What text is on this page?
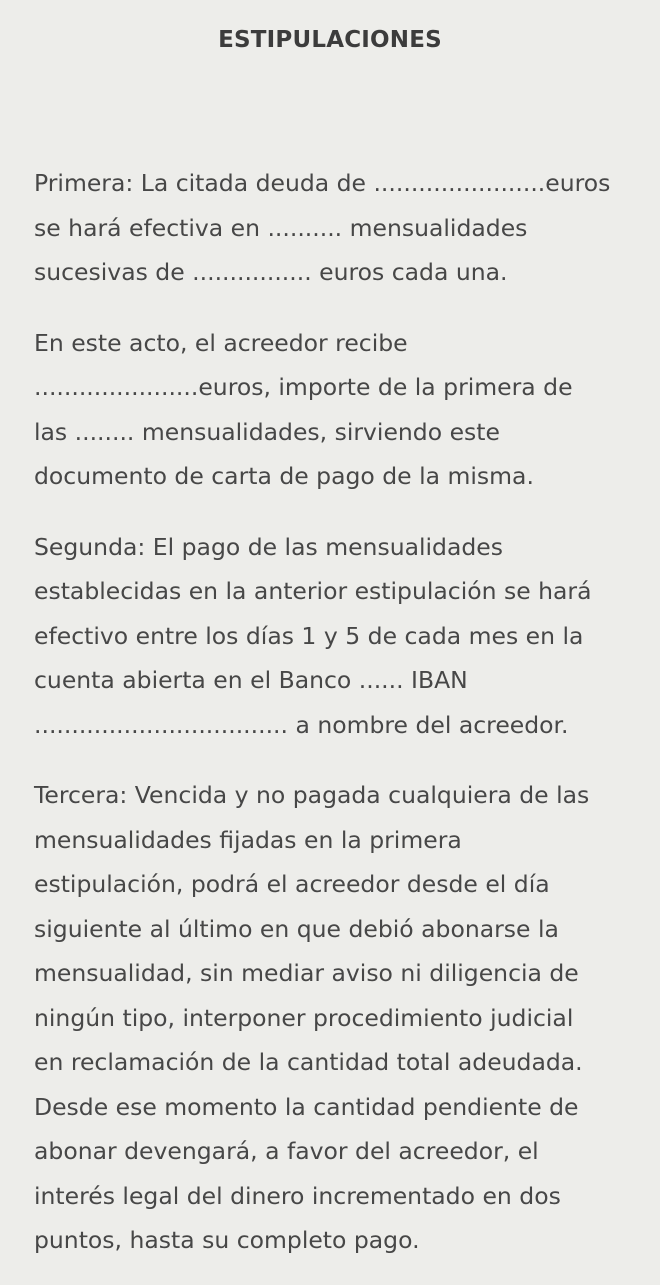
ESTIPULACIONES

Primera: La citada deuda de .......................euros
se hará efectiva en .......... mensualidades
sucesivas de ................ euros cada una.

En este acto, el acreedor recibe
......................euros, importe de la primera de
las ........ mensualidades, sirviendo este
documento de carta de pago de la misma.

Segunda: El pago de las mensualidades
establecidas en la anterior estipulación se hará
efectivo entre los días 1 y 5 de cada mes en la
cuenta abierta en el Banco ...... IBAN
.................................. a nombre del acreedor.

Tercera: Vencida y no pagada cualquiera de las
mensualidades fijadas en la primera
estipulación, podrá el acreedor desde el día
siguiente al último en que debió abonarse la
mensualidad, sin mediar aviso ni diligencia de
ningún tipo, interponer procedimiento judicial
en reclamación de la cantidad total adeudada.
Desde ese momento la cantidad pendiente de
abonar devengará, a favor del acreedor, el
interés legal del dinero incrementado en dos
puntos, hasta su completo pago.
